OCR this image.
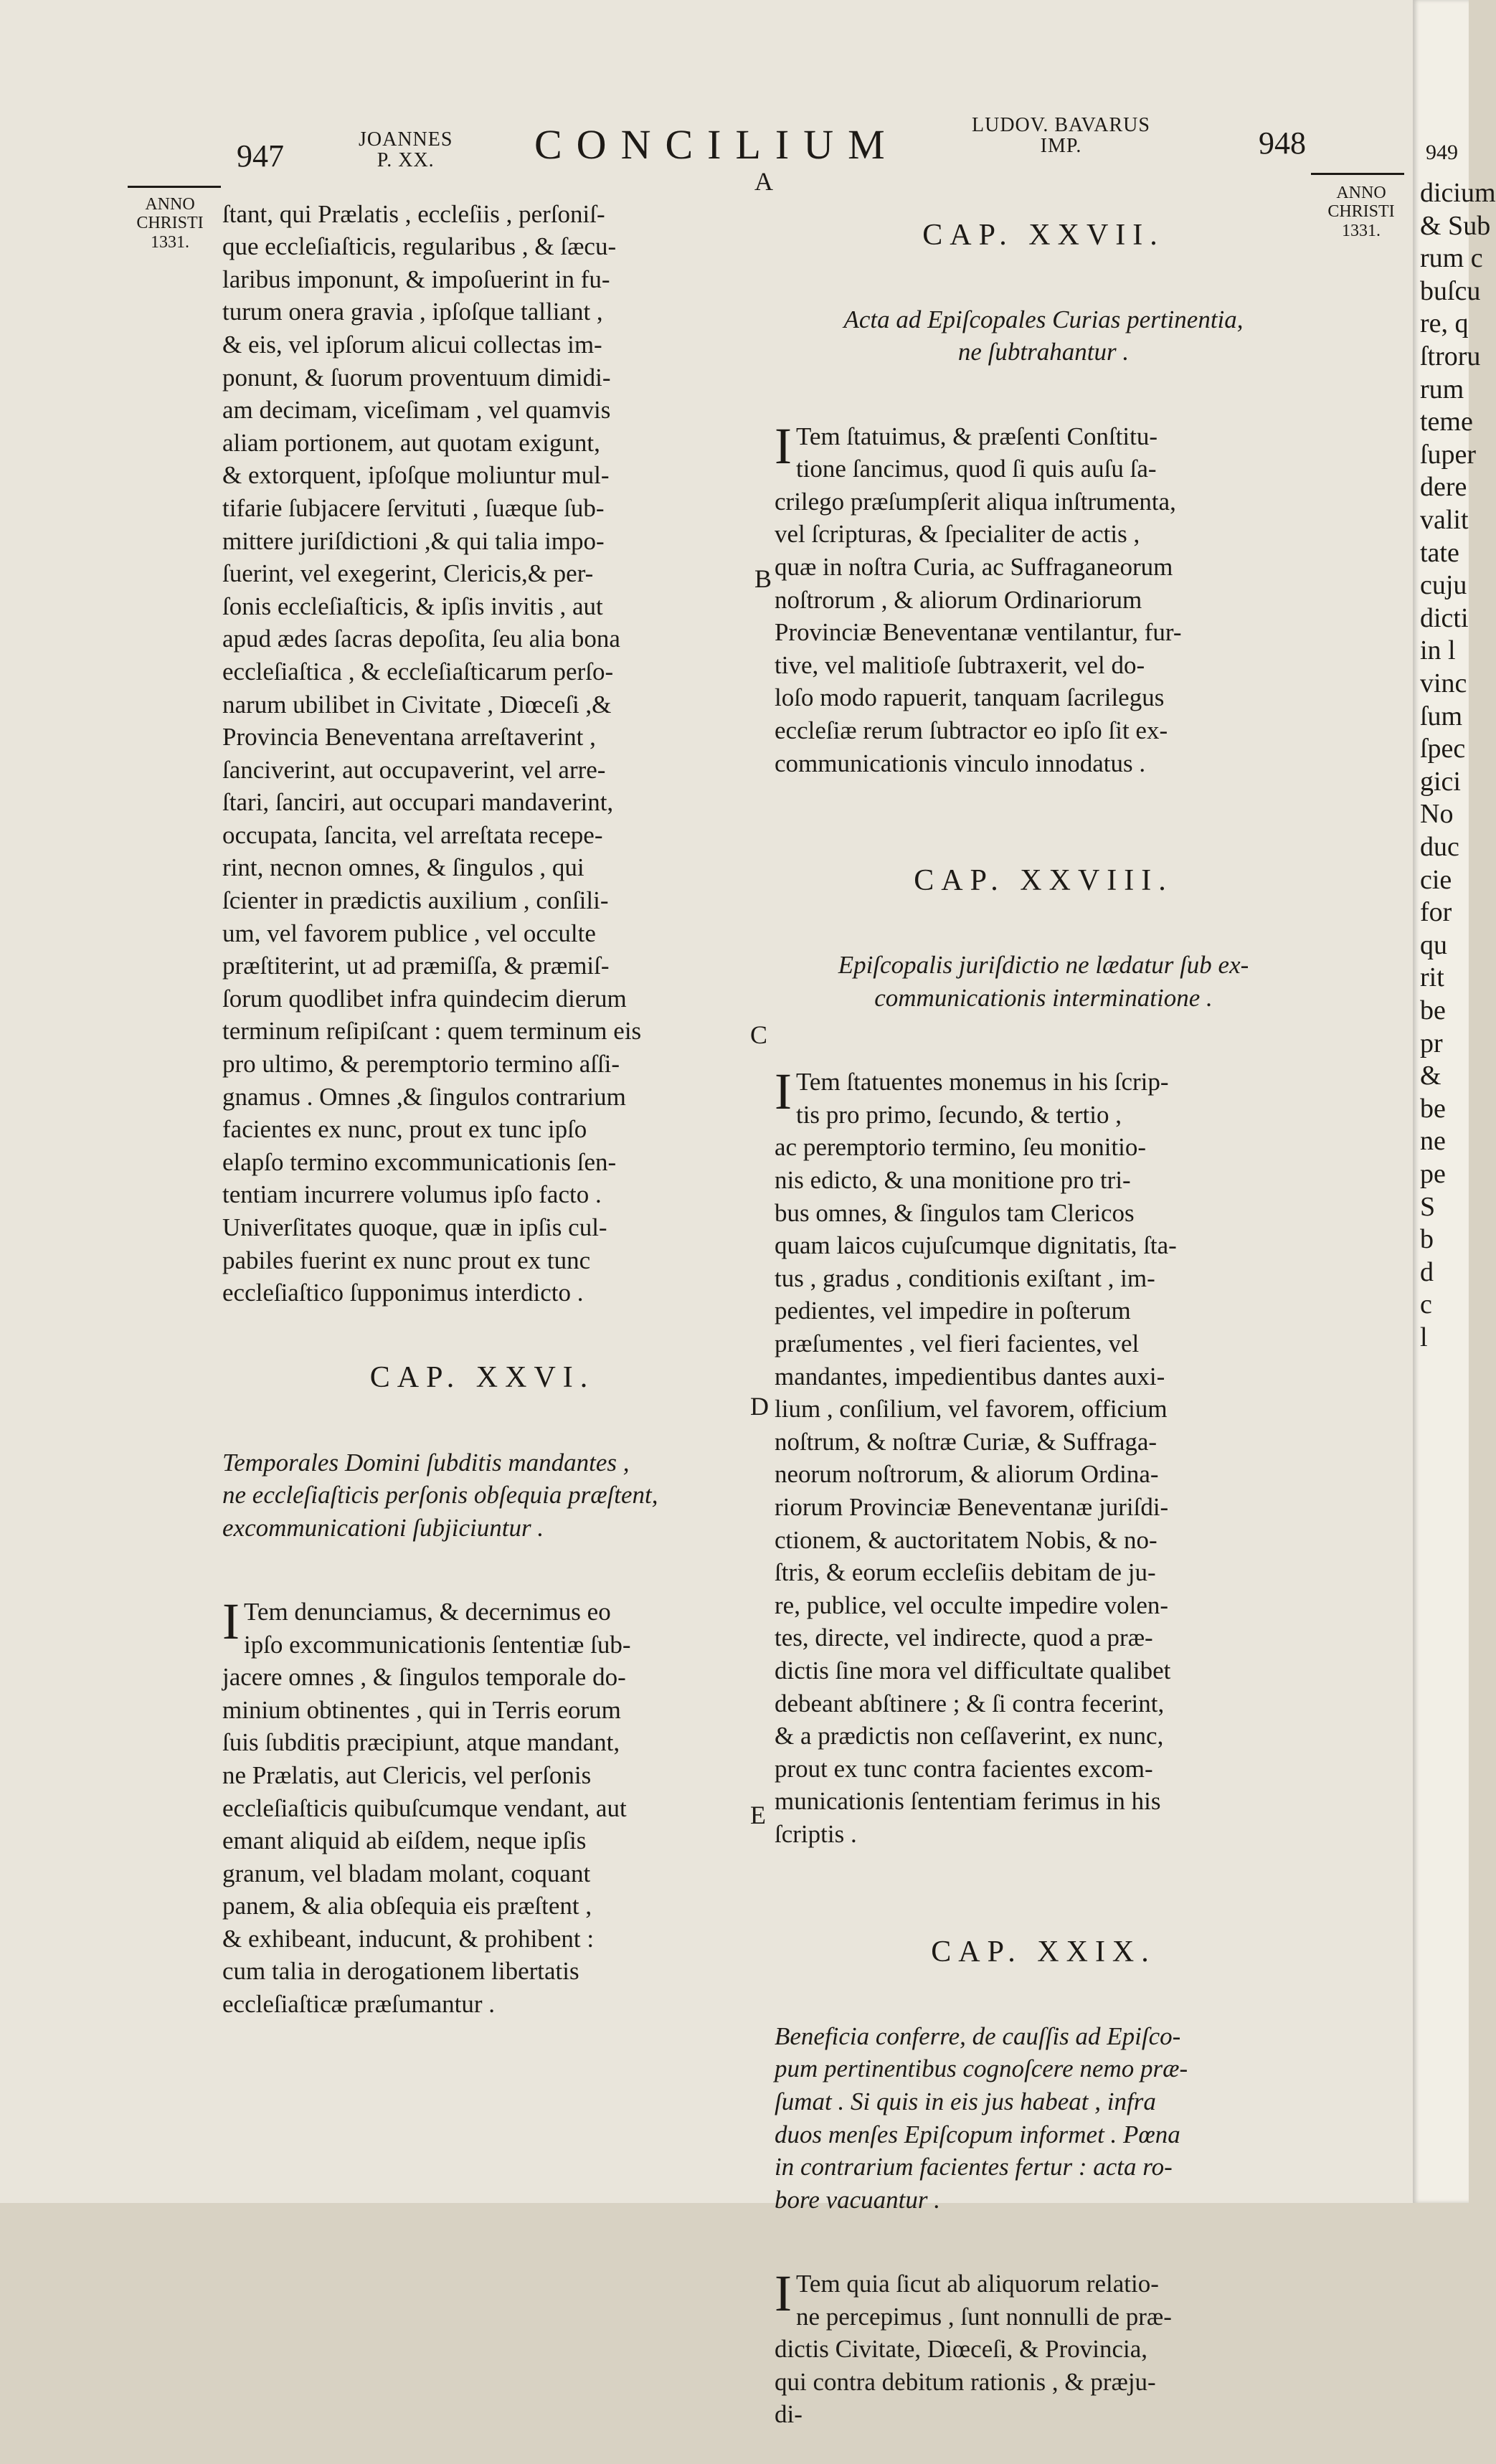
947	JOANNES
P. XX.	CONCILIUM	LUDOV. BAVARUS
IMP.	948
ANNO
CHRISTI
1331.
ANNO
CHRISTI
1331.
A
B
C
D
E

ſtant, qui Prælatis , eccleſiis , perſoniſ-
que eccleſiaſticis, regularibus , & ſæcu-
laribus imponunt, & impoſuerint in fu-
turum onera gravia , ipſoſque talliant ,
& eis, vel ipſorum alicui collectas im-
ponunt, & ſuorum proventuum dimidi-
am decimam, viceſimam , vel quamvis
aliam portionem, aut quotam exigunt,
& extorquent, ipſoſque moliuntur mul-
tifarie ſubjacere ſervituti , ſuæque ſub-
mittere juriſdictioni ,& qui talia impo-
ſuerint, vel exegerint, Clericis,& per-
ſonis eccleſiaſticis, & ipſis invitis , aut
apud ædes ſacras depoſita, ſeu alia bona
eccleſiaſtica , & eccleſiaſticarum perſo-
narum ubilibet in Civitate , Diœceſi ,&
Provincia Beneventana arreſtaverint ,
ſanciverint, aut occupaverint, vel arre-
ſtari, ſanciri, aut occupari mandaverint,
occupata, ſancita, vel arreſtata recepe-
rint, necnon omnes, & ſingulos , qui
ſcienter in prædictis auxilium , conſili-
um, vel favorem publice , vel occulte
præſtiterint, ut ad præmiſſa, & præmiſ-
ſorum quodlibet infra quindecim dierum
terminum reſipiſcant : quem terminum eis
pro ultimo, & peremptorio termino aſſi-
gnamus . Omnes ,& ſingulos contrarium
facientes ex nunc, prout ex tunc ipſo
elapſo termino excommunicationis ſen-
tentiam incurrere volumus ipſo facto .
Univerſitates quoque, quæ in ipſis cul-
pabiles fuerint ex nunc prout ex tunc
eccleſiaſtico ſupponimus interdicto .

CAP. XXVI.

Temporales Domini ſubditis mandantes ,
ne eccleſiaſticis perſonis obſequia præſtent,
excommunicationi ſubjiciuntur .

I Tem denunciamus, & decernimus eo
ipſo excommunicationis ſententiæ ſub-
jacere omnes , & ſingulos temporale do-
minium obtinentes , qui in Terris eorum
ſuis ſubditis præcipiunt, atque mandant,
ne Prælatis, aut Clericis, vel perſonis
eccleſiaſticis quibuſcumque vendant, aut
emant aliquid ab eiſdem, neque ipſis
granum, vel bladam molant, coquant
panem, & alia obſequia eis præſtent ,
& exhibeant, inducunt, & prohibent :
cum talia in derogationem libertatis
eccleſiaſticæ præſumantur .

CAP. XXVII.

Acta ad Epiſcopales Curias pertinentia,
ne ſubtrahantur .

I Tem ſtatuimus, & præſenti Conſtitu-
tione ſancimus, quod ſi quis auſu ſa-
crilego præſumpſerit aliqua inſtrumenta,
vel ſcripturas, & ſpecialiter de actis ,
quæ in noſtra Curia, ac Suffraganeorum
noſtrorum , & aliorum Ordinariorum
Provinciæ Beneventanæ ventilantur, fur-
tive, vel malitioſe ſubtraxerit, vel do-
loſo modo rapuerit, tanquam ſacrilegus
eccleſiæ rerum ſubtractor eo ipſo ſit ex-
communicationis vinculo innodatus .

CAP. XXVIII.

Epiſcopalis juriſdictio ne lædatur ſub ex-
communicationis interminatione .

I Tem ſtatuentes monemus in his ſcrip-
tis pro primo, ſecundo, & tertio ,
ac peremptorio termino, ſeu monitio-
nis edicto, & una monitione pro tri-
bus omnes, & ſingulos tam Clericos
quam laicos cujuſcumque dignitatis, ſta-
tus , gradus , conditionis exiſtant , im-
pedientes, vel impedire in poſterum
præſumentes , vel fieri facientes, vel
mandantes, impedientibus dantes auxi-
lium , conſilium, vel favorem, officium
noſtrum, & noſtræ Curiæ, & Suffraga-
neorum noſtrorum, & aliorum Ordina-
riorum Provinciæ Beneventanæ juriſdi-
ctionem, & auctoritatem Nobis, & no-
ſtris, & eorum eccleſiis debitam de ju-
re, publice, vel occulte impedire volen-
tes, directe, vel indirecte, quod a præ-
dictis ſine mora vel difficultate qualibet
debeant abſtinere ; & ſi contra fecerint,
& a prædictis non ceſſaverint, ex nunc,
prout ex tunc contra facientes excom-
municationis ſententiam ferimus in his
ſcriptis .

CAP. XXIX.

Beneficia conferre, de cauſſis ad Epiſco-
pum pertinentibus cognoſcere nemo præ-
ſumat . Si quis in eis jus habeat , infra
duos menſes Epiſcopum informet . Pœna
in contrarium facientes fertur : acta ro-
bore vacuantur .

I Tem quia ſicut ab aliquorum relatio-
ne percepimus , ſunt nonnulli de præ-
dictis Civitate, Diœceſi, & Provincia,
qui contra debitum rationis , & præju-
di-

949
dicium
& Sub
rum c
buſcu
re, q
ſtroru
rum
teme
ſuper
dere
valit
tate
cuju
dicti
in l
vinc
ſum
ſpec
gici
No
duc
cie
for
qu
rit
be
pr
&
be
ne
pe
S
b
d
c
l
